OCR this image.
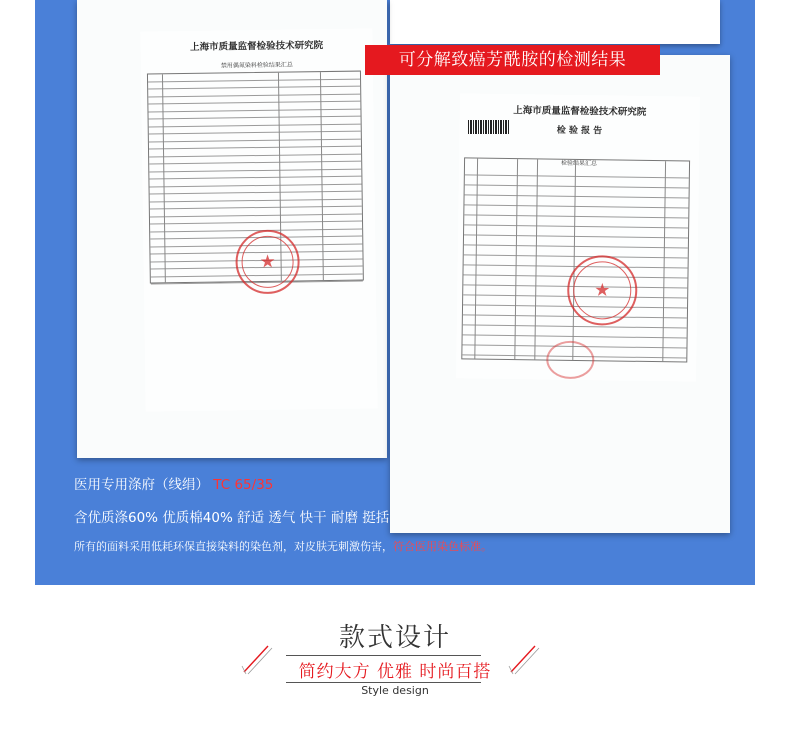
上海市质量监督检验技术研究院
禁用偶氮染料检验结果汇总
★
上海市质量监督检验技术研究院
检 验 报 告
检验结果汇总
★
可分解致癌芳酰胺的检测结果
医用专用涤府（线绢） TC 65/35
含优质涤60% 优质棉40% 舒适 透气 快干 耐磨 挺括
所有的面料采用低耗环保直接染料的染色剂，对皮肤无刺激伤害，符合医用染色标准。
款式设计
简约大方 优雅 时尚百搭
Style design
